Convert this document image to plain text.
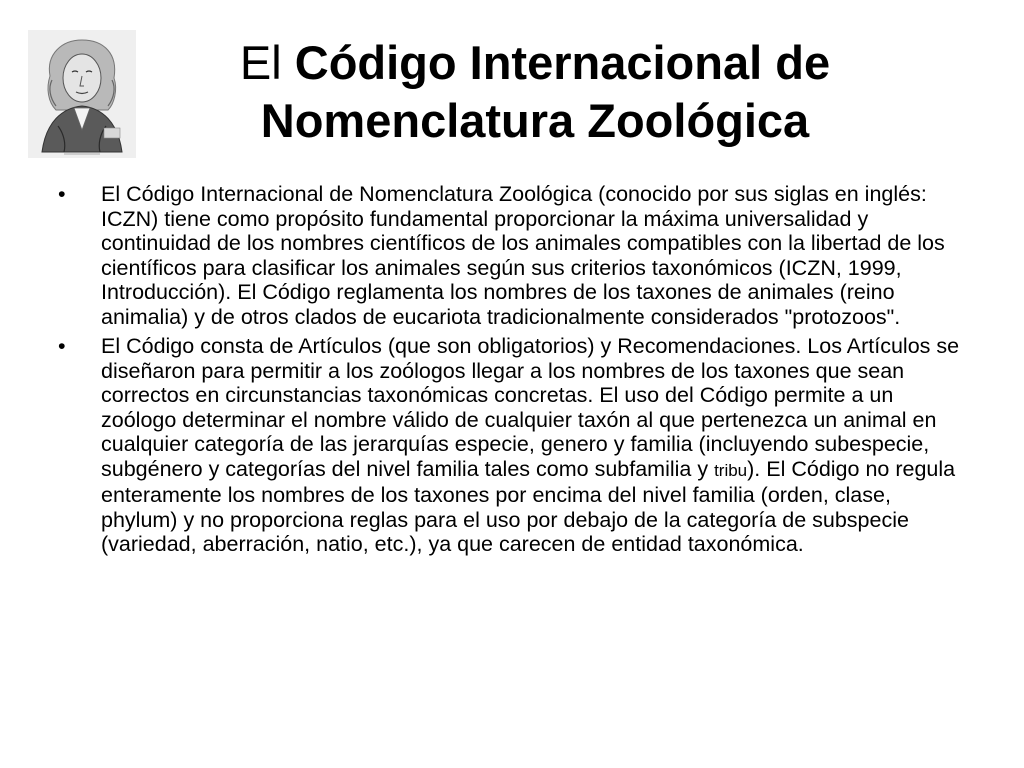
El Código Internacional de Nomenclatura Zoológica
•	El Código Internacional de Nomenclatura Zoológica (conocido por sus siglas en inglés: ICZN) tiene como propósito fundamental proporcionar la máxima universalidad y continuidad de los nombres científicos de los animales compatibles con la libertad de los científicos para clasificar los animales según sus criterios taxonómicos (ICZN, 1999, Introducción). El Código reglamenta los nombres de los taxones de animales (reino animalia) y de otros clados de eucariota tradicionalmente considerados "protozoos".
•	El Código consta de Artículos (que son obligatorios) y Recomendaciones. Los Artículos se diseñaron para permitir a los zoólogos llegar a los nombres de los taxones que sean correctos en circunstancias taxonómicas concretas. El uso del Código permite a un zoólogo determinar el nombre válido de cualquier taxón al que pertenezca un animal en cualquier categoría de las jerarquías especie, genero y familia (incluyendo subespecie, subgénero y categorías del nivel familia tales como subfamilia y tribu). El Código no regula enteramente los nombres de los taxones por encima del nivel familia (orden, clase, phylum) y no proporciona reglas para el uso por debajo de la categoría de subspecie (variedad, aberración, natio, etc.), ya que carecen de entidad taxonómica.
